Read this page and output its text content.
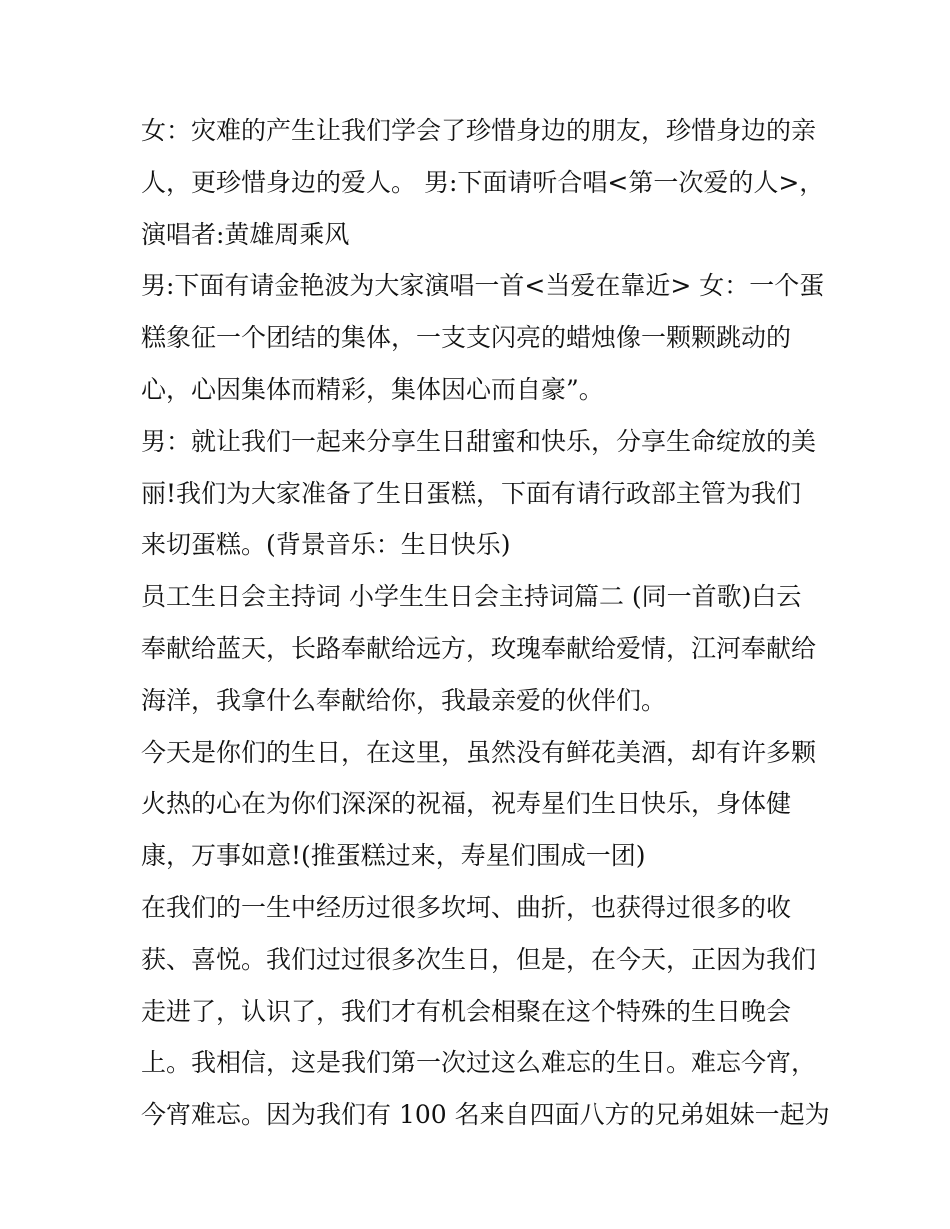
女：灾难的产生让我们学会了珍惜身边的朋友，珍惜身边的亲
人，更珍惜身边的爱人。 男:下面请听合唱<第一次爱的人>，
演唱者:黄雄周乘风
男:下面有请金艳波为大家演唱一首<当爱在靠近> 女：一个蛋
糕象征一个团结的集体，一支支闪亮的蜡烛像一颗颗跳动的
心，心因集体而精彩，集体因心而自豪”。
男：就让我们一起来分享生日甜蜜和快乐，分享生命绽放的美
丽!我们为大家准备了生日蛋糕，下面有请行政部主管为我们
来切蛋糕。(背景音乐：生日快乐)
员工生日会主持词 小学生生日会主持词篇二 (同一首歌)白云
奉献给蓝天，长路奉献给远方，玫瑰奉献给爱情，江河奉献给
海洋，我拿什么奉献给你，我最亲爱的伙伴们。
今天是你们的生日，在这里，虽然没有鲜花美酒，却有许多颗
火热的心在为你们深深的祝福，祝寿星们生日快乐，身体健
康，万事如意!(推蛋糕过来，寿星们围成一团)
在我们的一生中经历过很多坎坷、曲折，也获得过很多的收
获、喜悦。我们过过很多次生日，但是，在今天，正因为我们
走进了，认识了，我们才有机会相聚在这个特殊的生日晚会
上。我相信，这是我们第一次过这么难忘的生日。难忘今宵，
今宵难忘。因为我们有 100 名来自四面八方的兄弟姐妹一起为
